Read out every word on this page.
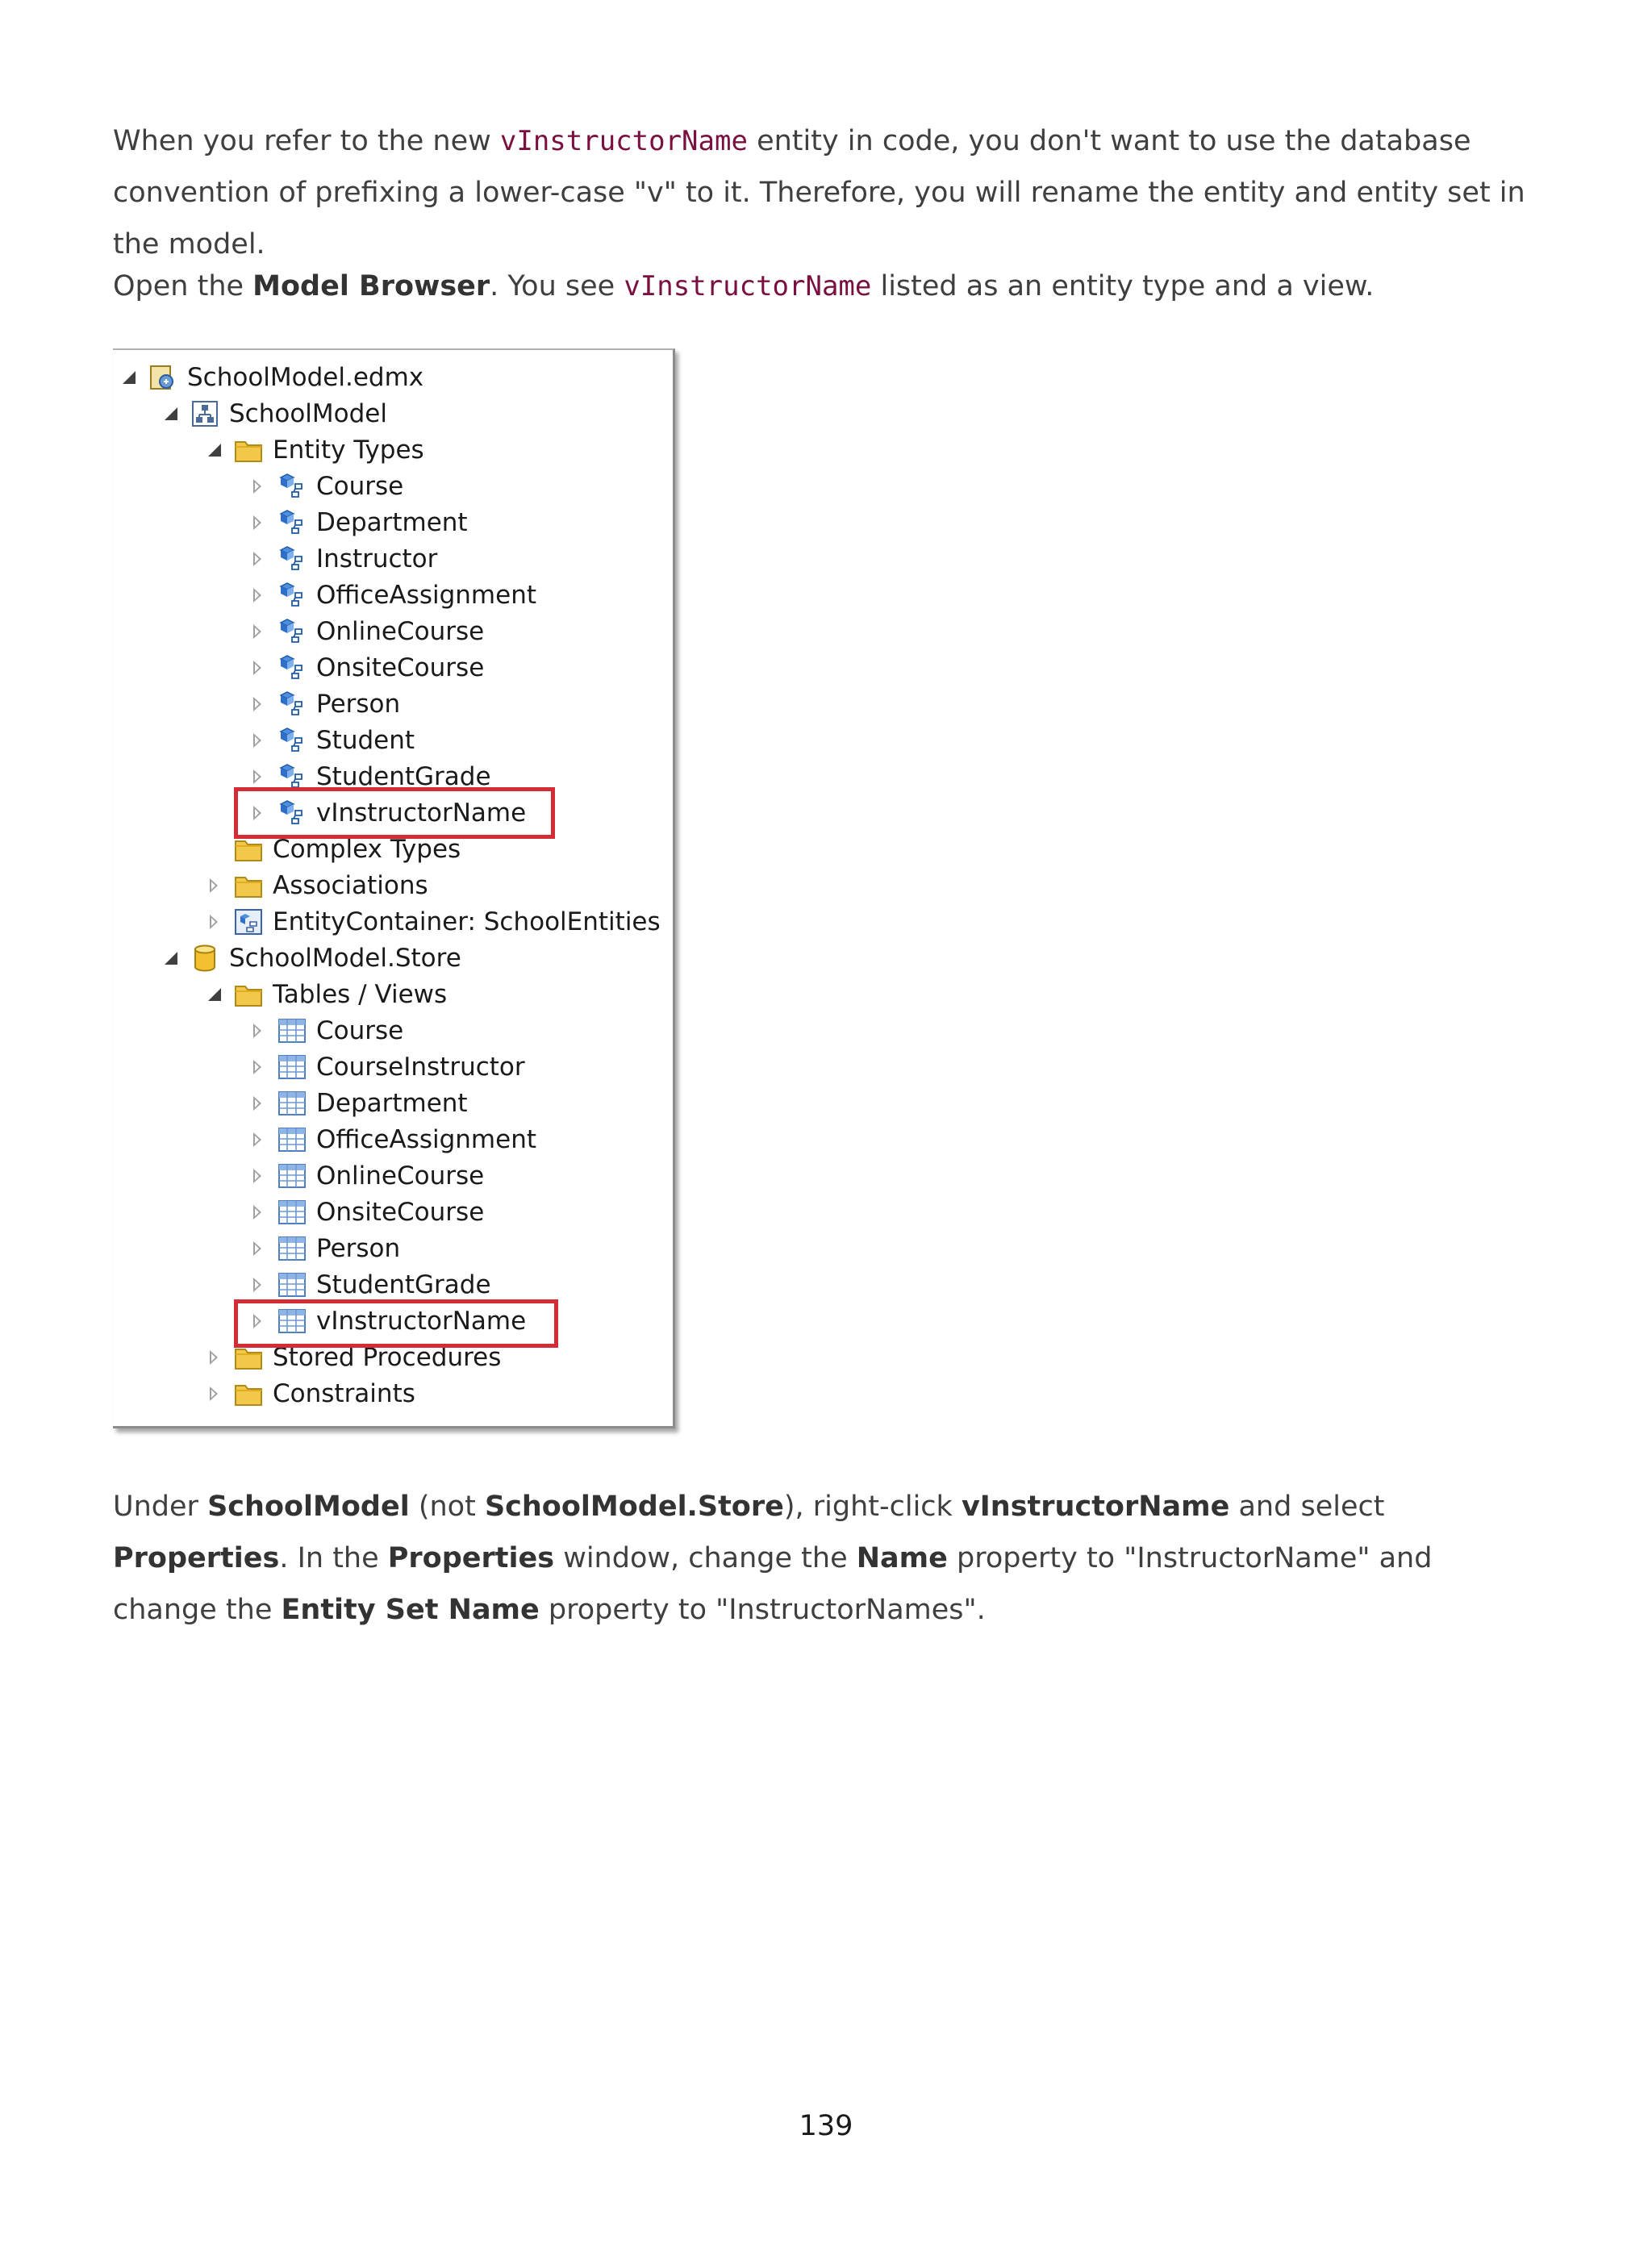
When you refer to the new vInstructorName entity in code, you don't want to use the database convention of prefixing a lower-case "v" to it. Therefore, you will rename the entity and entity set in the model.

Open the Model Browser. You see vInstructorName listed as an entity type and a view.

SchoolModel.edmx
SchoolModel
Entity Types
Course
Department
Instructor
OfficeAssignment
OnlineCourse
OnsiteCourse
Person
Student
StudentGrade
vInstructorName
Complex Types
Associations
EntityContainer: SchoolEntities
SchoolModel.Store
Tables / Views
Course
CourseInstructor
Department
OfficeAssignment
OnlineCourse
OnsiteCourse
Person
StudentGrade
vInstructorName
Stored Procedures
Constraints

Under SchoolModel (not SchoolModel.Store), right-click vInstructorName and select Properties. In the Properties window, change the Name property to "InstructorName" and change the Entity Set Name property to "InstructorNames".

139
